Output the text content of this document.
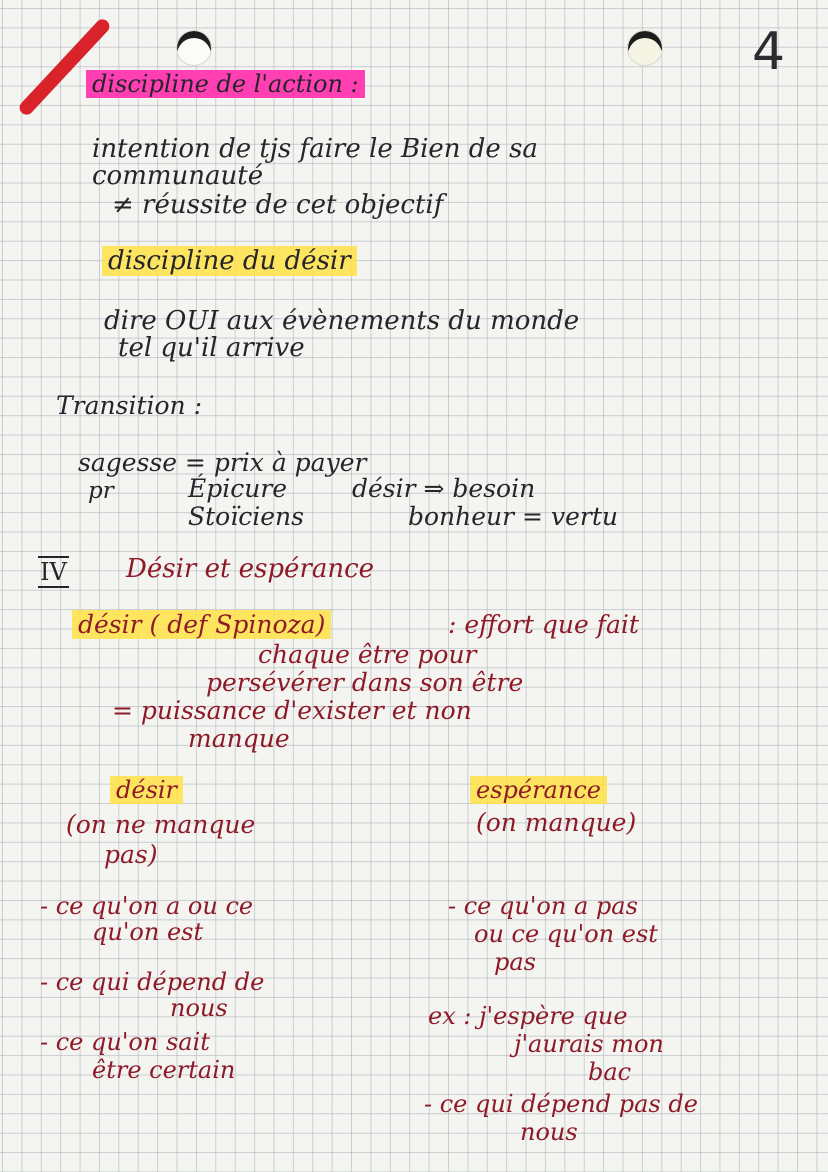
4
discipline de l'action :
intention de tjs faire le Bien de sa
communauté
≠ réussite de cet objectif
discipline du désir
dire OUI aux évènements du monde
tel qu'il arrive
Transition :
sagesse = prix à payer
pr	Épicure	désir ⇒ besoin
Stoïciens	bonheur = vertu
IV Désir et espérance
désir ( def Spinoza)	: effort que fait
chaque être pour
persévérer dans son être
= puissance d'exister et non
manque
désir
(on ne manque
pas)
- ce qu'on a ou ce
qu'on est
- ce qui dépend de
nous
- ce qu'on sait
être certain
espérance
(on manque)
- ce qu'on a pas
ou ce qu'on est
pas
ex : j'espère que
j'aurais mon
bac
- ce qui dépend pas de
nous
